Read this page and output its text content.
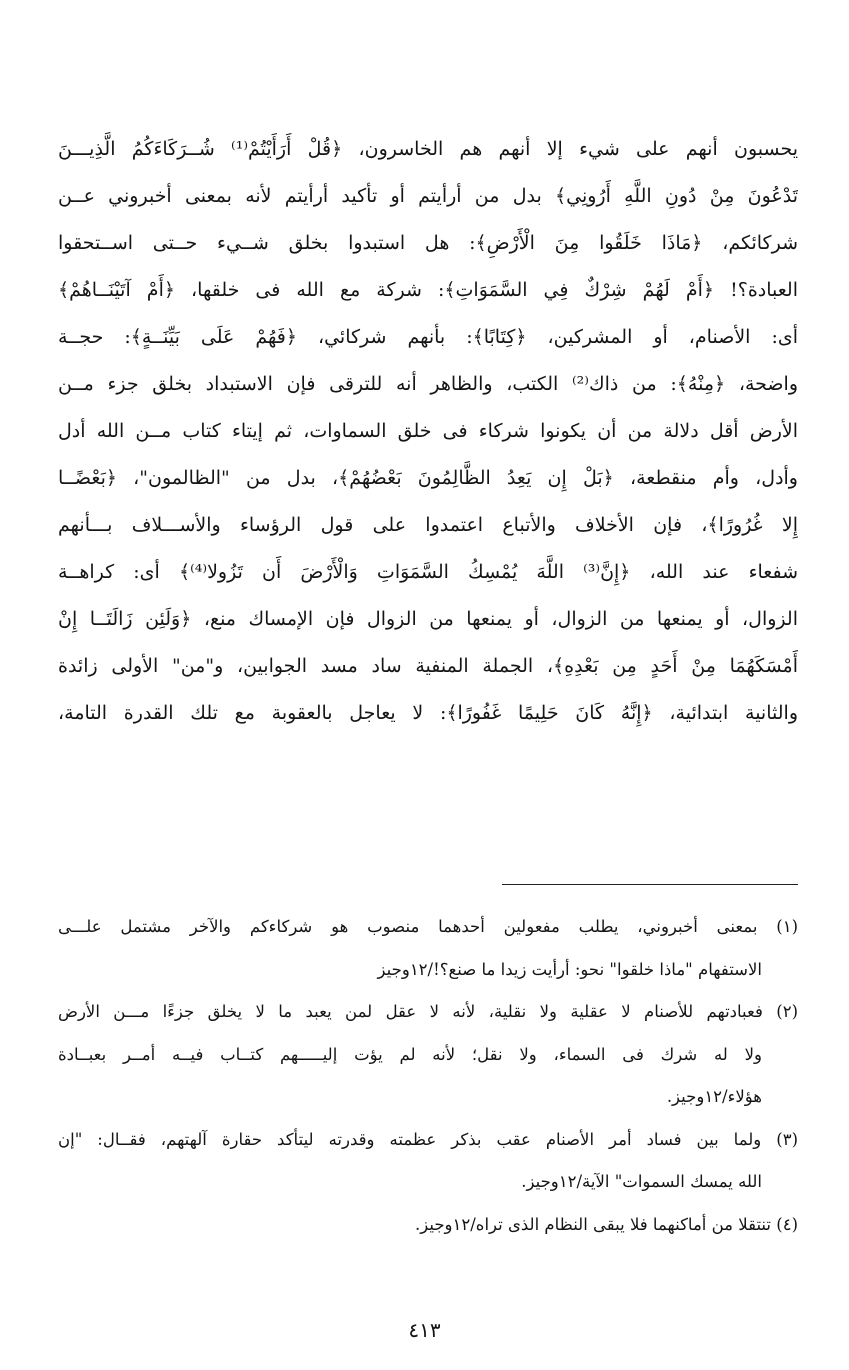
يحسبون أنهم على شيء إلا أنهم هم الخاسرون، ﴿قُلْ أَرَأَيْتُمْ⁽¹⁾ شُــرَكَاءَكُمُ الَّذِيـــنَ
تَدْعُونَ مِنْ دُونِ اللَّهِ أَرُونِي﴾ بدل من أرأيتم أو تأكيد أرأيتم لأنه بمعنى أخبروني عــن
شركائكم، ﴿مَاذَا خَلَقُوا مِنَ الْأَرْضِ﴾: هل استبدوا بخلق شــيء حــتى اســتحقوا
العبادة؟! ﴿أَمْ لَهُمْ شِرْكٌ فِي السَّمَوَاتِ﴾: شركة مع الله فى خلقها، ﴿أَمْ آتَيْنَــاهُمْ﴾
أى: الأصنام، أو المشركين، ﴿كِتَابًا﴾: بأنهم شركائي، ﴿فَهُمْ عَلَى بَيِّنَــةٍ﴾: حجــة
واضحة، ﴿مِنْهُ﴾: من ذاك⁽²⁾ الكتب، والظاهر أنه للترقى فإن الاستبداد بخلق جزء مــن
الأرض أقل دلالة من أن يكونوا شركاء فى خلق السماوات، ثم إيتاء كتاب مــن الله أدل
وأدل، وأم منقطعة، ﴿بَلْ إِن يَعِدُ الظَّالِمُونَ بَعْضُهُمْ﴾، بدل من "الظالمون"، ﴿بَعْضًــا
إِلا غُرُورًا﴾، فإن الأخلاف والأتباع اعتمدوا على قول الرؤساء والأســـلاف بـــأنهم
شفعاء عند الله، ﴿إِنَّ⁽³⁾ اللَّهَ يُمْسِكُ السَّمَوَاتِ وَالْأَرْضَ أَن تَزُولا⁽⁴⁾﴾ أى: كراهــة
الزوال، أو يمنعها من الزوال، أو يمنعها من الزوال فإن الإمساك منع، ﴿وَلَئِن زَالَتَــا إِنْ
أَمْسَكَهُمَا مِنْ أَحَدٍ مِن بَعْدِهِ﴾، الجملة المنفية ساد مسد الجوابين، و"من" الأولى زائدة
والثانية ابتدائية، ﴿إِنَّهُ كَانَ حَلِيمًا غَفُورًا﴾: لا يعاجل بالعقوبة مع تلك القدرة التامة،
(١) بمعنى أخبروني، يطلب مفعولين أحدهما منصوب هو شركاءكم والآخر مشتمل علـــى
الاستفهام "ماذا خلقوا" نحو: أرأيت زيدا ما صنع؟!/١٢وجيز
(٢) فعبادتهم للأصنام لا عقلية ولا نقلية، لأنه لا عقل لمن يعبد ما لا يخلق جزءًا مـــن الأرض
ولا له شرك فى السماء، ولا نقل؛ لأنه لم يؤت إليـــــهم كتــاب فيــه أمــر بعبــادة
هؤلاء/١٢وجيز.
(٣) ولما بين فساد أمر الأصنام عقب بذكر عظمته وقدرته ليتأكد حقارة آلهتهم، فقــال: "إن
الله يمسك السموات" الآية/١٢وجيز.
(٤) تنتقلا من أماكنهما فلا يبقى النظام الذى تراه/١٢وجيز.
٤١٣
